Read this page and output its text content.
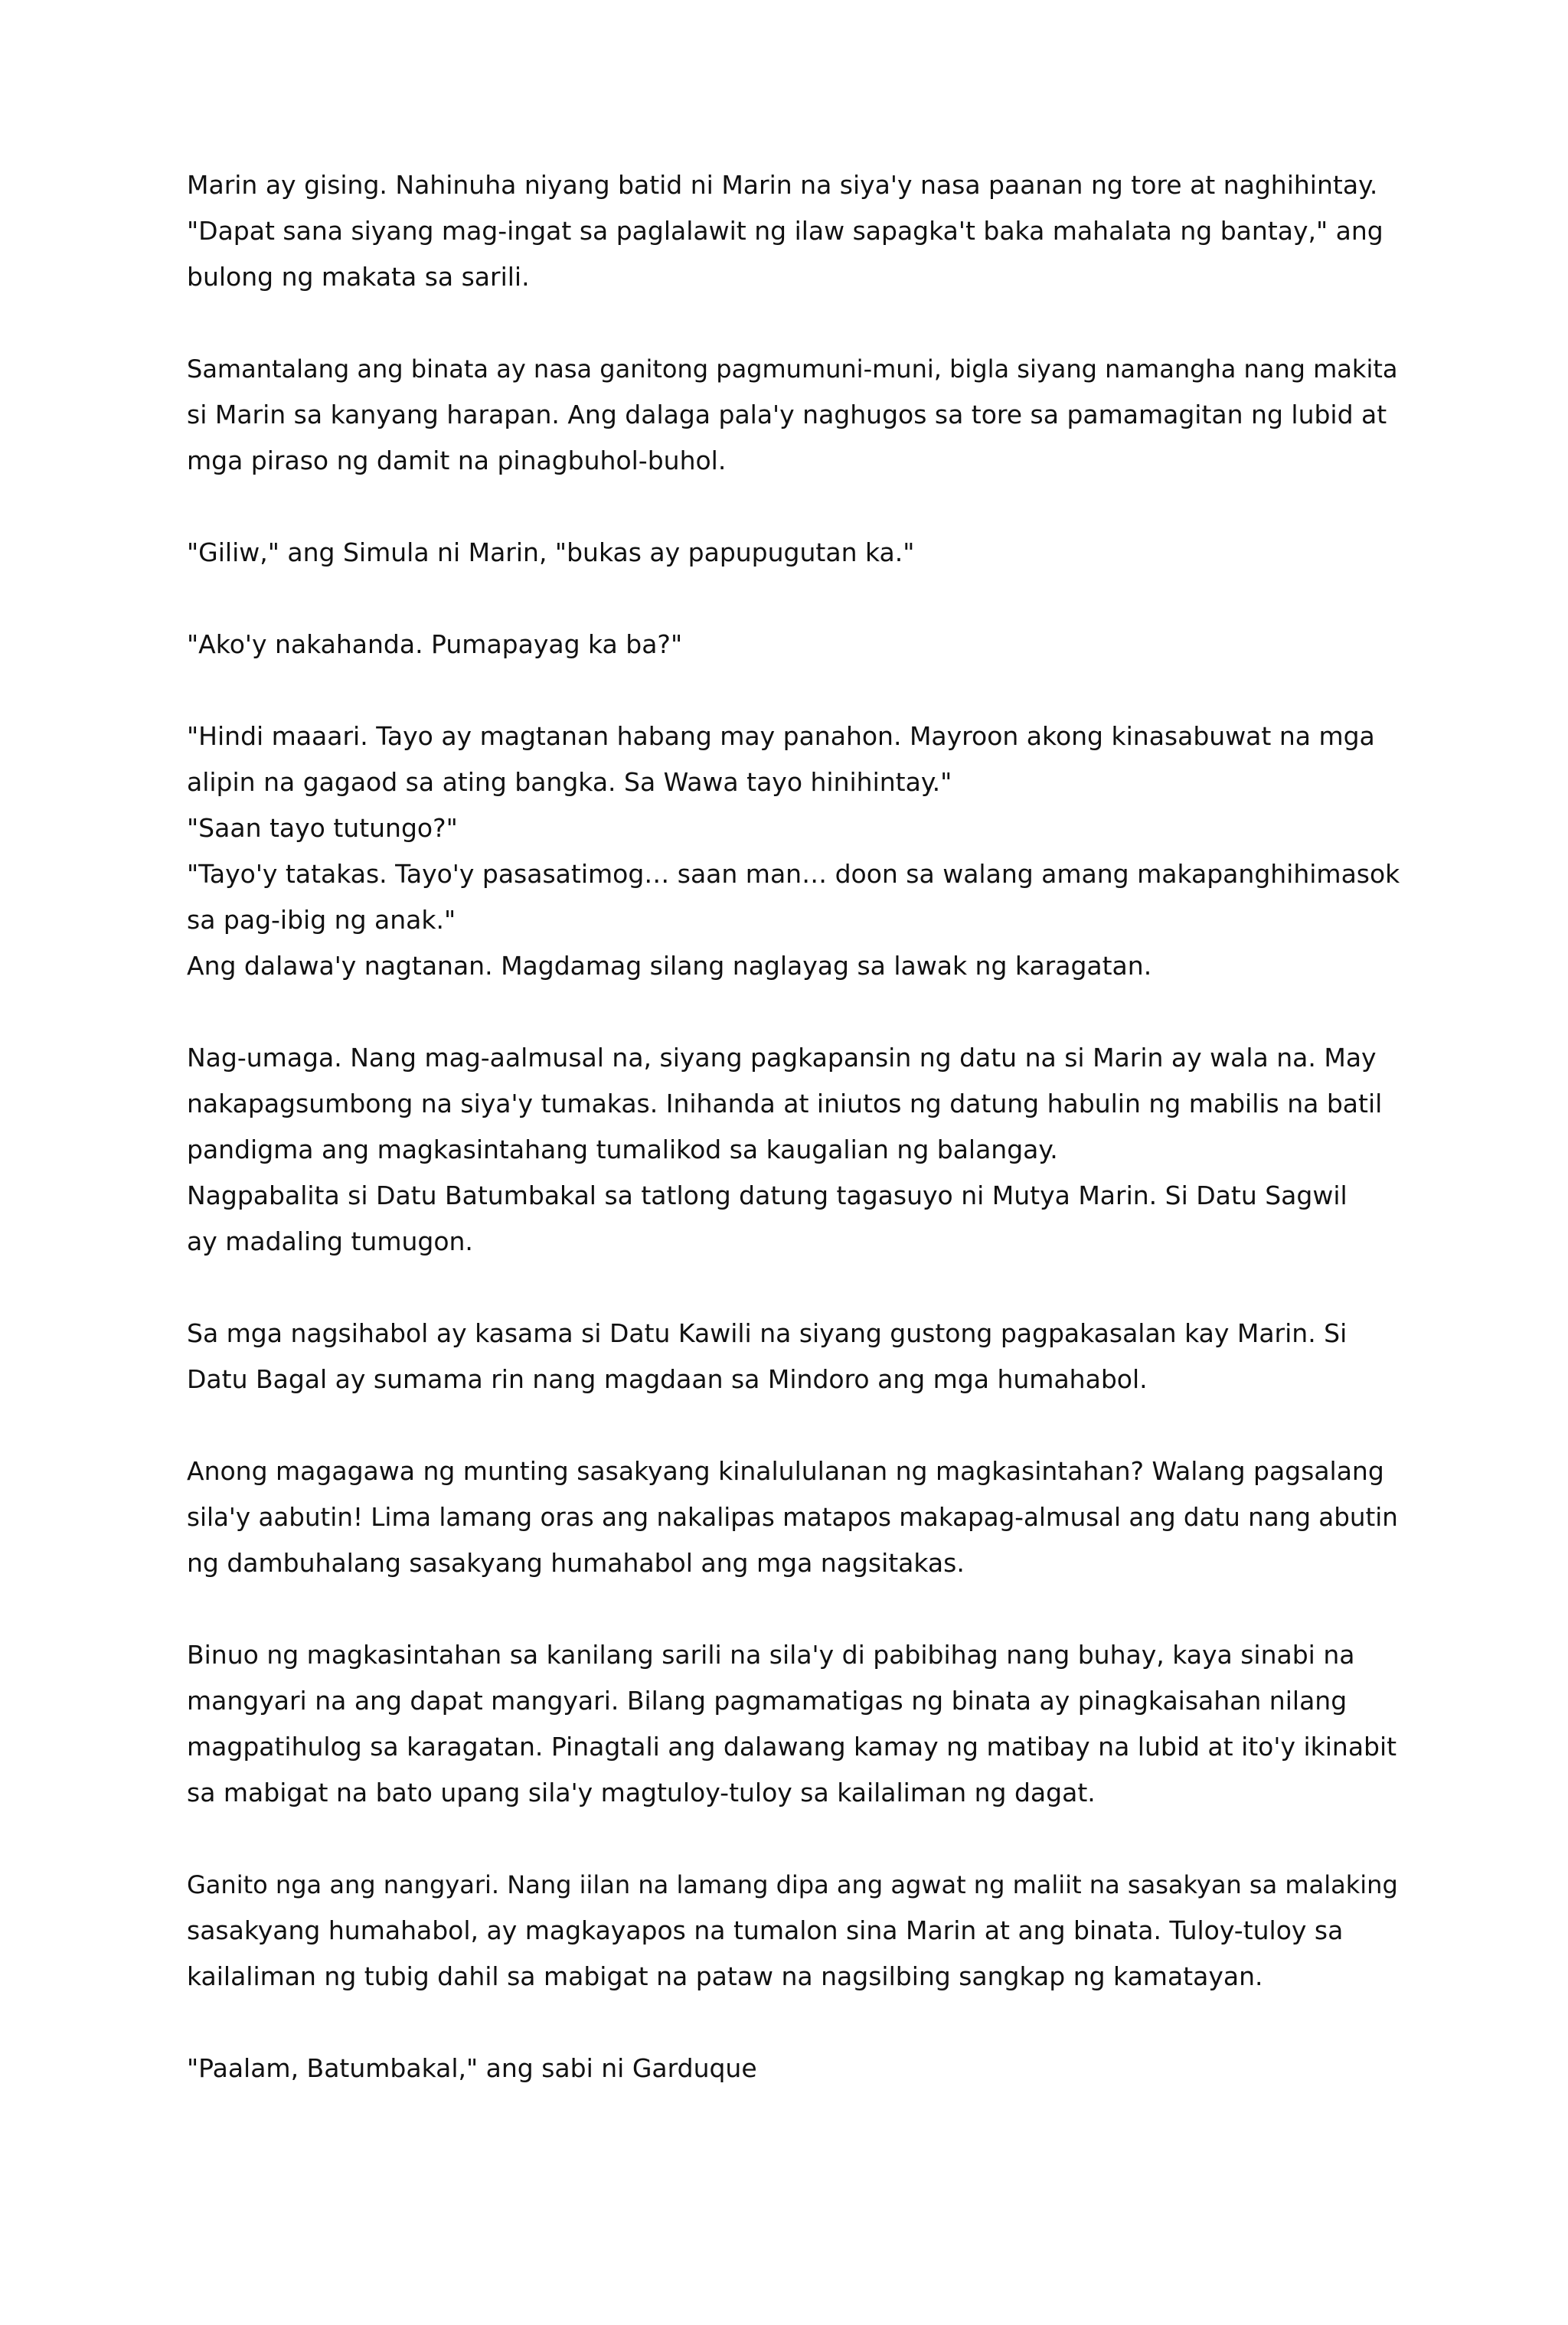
Marin ay gising. Nahinuha niyang batid ni Marin na siya'y nasa paanan ng tore at naghihintay.
"Dapat sana siyang mag-ingat sa paglalawit ng ilaw sapagka't baka mahalata ng bantay," ang
bulong ng makata sa sarili.
Samantalang ang binata ay nasa ganitong pagmumuni-muni, bigla siyang namangha nang makita
si Marin sa kanyang harapan. Ang dalaga pala'y naghugos sa tore sa pamamagitan ng lubid at
mga piraso ng damit na pinagbuhol-buhol.
"Giliw," ang Simula ni Marin, "bukas ay papupugutan ka."
"Ako'y nakahanda. Pumapayag ka ba?"
"Hindi maaari. Tayo ay magtanan habang may panahon. Mayroon akong kinasabuwat na mga
alipin na gagaod sa ating bangka. Sa Wawa tayo hinihintay."
"Saan tayo tutungo?"
"Tayo'y tatakas. Tayo'y pasasatimog… saan man… doon sa walang amang makapanghihimasok
sa pag-ibig ng anak."
Ang dalawa'y nagtanan. Magdamag silang naglayag sa lawak ng karagatan.
Nag-umaga. Nang mag-aalmusal na, siyang pagkapansin ng datu na si Marin ay wala na. May
nakapagsumbong na siya'y tumakas. Inihanda at iniutos ng datung habulin ng mabilis na batil
pandigma ang magkasintahang tumalikod sa kaugalian ng balangay.
Nagpabalita si Datu Batumbakal sa tatlong datung tagasuyo ni Mutya Marin. Si Datu Sagwil
ay madaling tumugon.
Sa mga nagsihabol ay kasama si Datu Kawili na siyang gustong pagpakasalan kay Marin. Si
Datu Bagal ay sumama rin nang magdaan sa Mindoro ang mga humahabol.
Anong magagawa ng munting sasakyang kinalululanan ng magkasintahan? Walang pagsalang
sila'y aabutin! Lima lamang oras ang nakalipas matapos makapag-almusal ang datu nang abutin
ng dambuhalang sasakyang humahabol ang mga nagsitakas.
Binuo ng magkasintahan sa kanilang sarili na sila'y di pabibihag nang buhay, kaya sinabi na
mangyari na ang dapat mangyari. Bilang pagmamatigas ng binata ay pinagkaisahan nilang
magpatihulog sa karagatan. Pinagtali ang dalawang kamay ng matibay na lubid at ito'y ikinabit
sa mabigat na bato upang sila'y magtuloy-tuloy sa kailaliman ng dagat.
Ganito nga ang nangyari. Nang iilan na lamang dipa ang agwat ng maliit na sasakyan sa malaking
sasakyang humahabol, ay magkayapos na tumalon sina Marin at ang binata. Tuloy-tuloy sa
kailaliman ng tubig dahil sa mabigat na pataw na nagsilbing sangkap ng kamatayan.
"Paalam, Batumbakal," ang sabi ni Garduque
